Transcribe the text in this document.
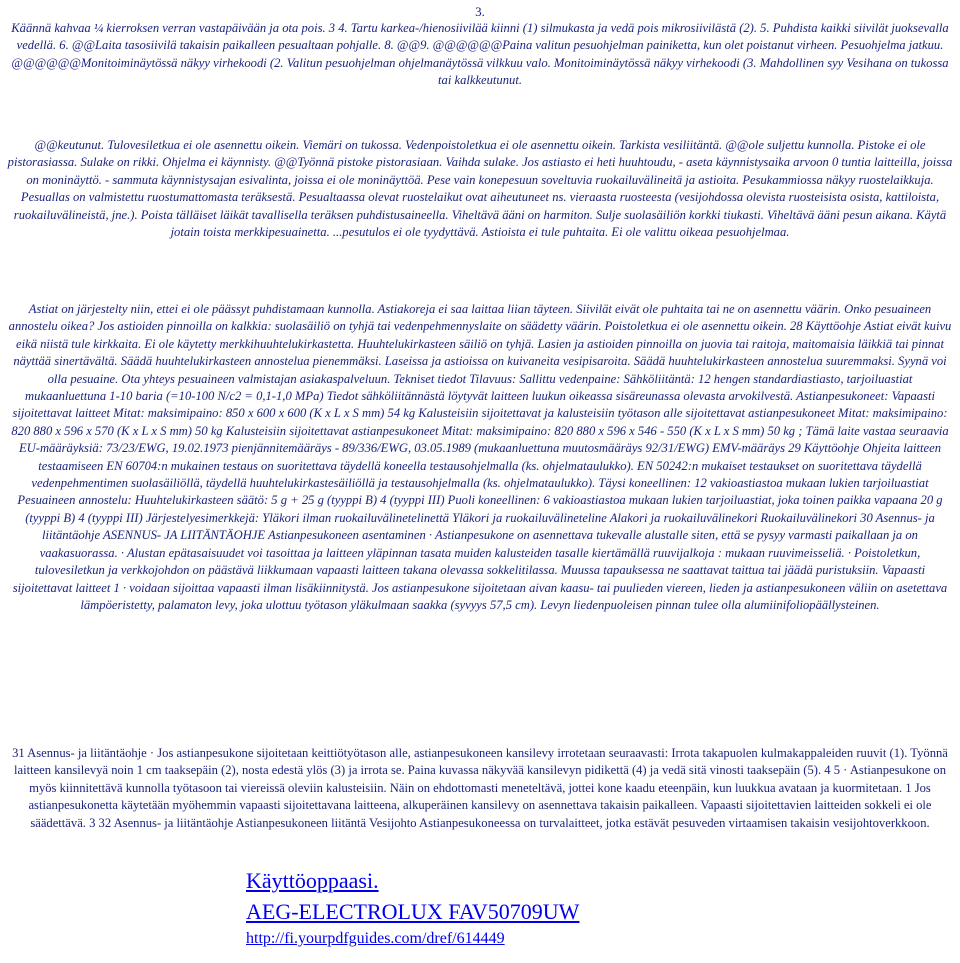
3.

Käännä kahvaa ¼ kierroksen verran vastapäivään ja ota pois. 3 4. Tartu karkea-/hienosiivilää kiinni (1) silmukasta ja vedä pois mikrosiivilästä (2). 5. Puhdista kaikki siivilät juoksevalla vedellä. 6. @@Laita tasosiivilä takaisin paikalleen pesualtaan pohjalle. 8. @@9. @@@@@@Paina valitun pesuohjelman painiketta, kun olet poistanut virheen. Pesuohjelma jatkuu. @@@@@@Monitoiminäytössä näkyy virhekoodi (2. Valitun pesuohjelman ohjelmanäytössä vilkkuu valo. Monitoiminäytössä näkyy virhekoodi (3. Mahdollinen syy Vesihana on tukossa tai kalkkeutunut.

@@keutunut. Tulovesiletkua ei ole asennettu oikein. Viemäri on tukossa. Vedenpoistoletkua ei ole asennettu oikein. Tarkista vesiliitäntä. @@ole suljettu kunnolla. Pistoke ei ole pistorasiassa. Sulake on rikki. Ohjelma ei käynnisty. @@Työnnä pistoke pistorasiaan. Vaihda sulake. Jos astiasto ei heti huuhtoudu, - aseta käynnistysaika arvoon 0 tuntia laitteilla, joissa on moninäyttö. - sammuta käynnistysajan esivalinta, joissa ei ole moninäyttöä. Pese vain konepesuun soveltuvia ruokailuvälineitä ja astioita. Pesukammiossa näkyy ruostelaikkuja. Pesuallas on valmistettu ruostumattomasta teräksestä. Pesualtaassa olevat ruostelaikut ovat aiheutuneet ns. vieraasta ruosteesta (vesijohdossa olevista ruosteisista osista, kattiloista, ruokailuvälineistä, jne.). Poista tälläiset läikät tavallisella teräksen puhdistusaineella. Viheltävä ääni on harmiton. Sulje suolasäiliön korkki tiukasti. Viheltävä ääni pesun aikana. Käytä jotain toista merkkipesuainetta. ...pesutulos ei ole tyydyttävä. Astioista ei tule puhtaita. Ei ole valittu oikeaa pesuohjelmaa.

Astiat on järjestelty niin, ettei ei ole päässyt puhdistamaan kunnolla. Astiakoreja ei saa laittaa liian täyteen. Siivilät eivät ole puhtaita tai ne on asennettu väärin. Onko pesuaineen annostelu oikea? Jos astioiden pinnoilla on kalkkia: suolasäiliö on tyhjä tai vedenpehmennyslaite on säädetty väärin. Poistoletkua ei ole asennettu oikein. 28 Käyttöohje Astiat eivät kuivu eikä niistä tule kirkkaita. Ei ole käytetty merkkihuuhtelukirkastetta. Huuhtelukirkasteen säiliö on tyhjä. Lasien ja astioiden pinnoilla on juovia tai raitoja, maitomaisia läikkiä tai pinnat näyttää sinertävältä. Säädä huuhtelukirkasteen annostelua pienemmäksi. Laseissa ja astioissa on kuivaneita vesipisaroita. Säädä huuhtelukirkasteen annostelua suuremmaksi. Syynä voi olla pesuaine. Ota yhteys pesuaineen valmistajan asiakaspalveluun. Tekniset tiedot Tilavuus: Sallittu vedenpaine: Sähköliitäntä: 12 hengen standardiastiasto, tarjoiluastiat mukaanluettuna 1-10 baria (=10-100 N/c2 = 0,1-1,0 MPa) Tiedot sähköliitännästä löytyvät laitteen luukun oikeassa sisäreunassa olevasta arvokilvestä. Astianpesukoneet: Vapaasti sijoitettavat laitteet Mitat: maksimipaino: 850 x 600 x 600 (K x L x S mm) 54 kg Kalusteisiin sijoitettavat ja kalusteisiin työtason alle sijoitettavat astianpesukoneet Mitat: maksimipaino: 820 880 x 596 x 570 (K x L x S mm) 50 kg Kalusteisiin sijoitettavat astianpesukoneet Mitat: maksimipaino: 820 880 x 596 x 546 - 550 (K x L x S mm) 50 kg ; Tämä laite vastaa seuraavia EU-määräyksiä: 73/23/EWG, 19.02.1973 pienjännitemääräys - 89/336/EWG, 03.05.1989 (mukaanluettuna muutosmääräys 92/31/EWG) EMV-määräys 29 Käyttöohje Ohjeita laitteen testaamiseen EN 60704:n mukainen testaus on suoritettava täydellä koneella testausohjelmalla (ks. ohjelmataulukko). EN 50242:n mukaiset testaukset on suoritettava täydellä vedenpehmentimen suolasäiliöllä, täydellä huuhtelukirkastesäiliöllä ja testausohjelmalla (ks. ohjelmataulukko). Täysi koneellinen: 12 vakioastiastoa mukaan lukien tarjoiluastiat Pesuaineen annostelu: Huuhtelukirkasteen säätö: 5 g + 25 g (tyyppi B) 4 (tyyppi III) Puoli koneellinen: 6 vakioastiastoa mukaan lukien tarjoiluastiat, joka toinen paikka vapaana 20 g (tyyppi B) 4 (tyyppi III) Järjestelyesimerkkejä: Yläkori ilman ruokailuvälinetelinettä Yläkori ja ruokailuvälineteline Alakori ja ruokailuvälinekori Ruokailuvälinekori 30 Asennus- ja liitäntäohje ASENNUS- JA LIITÄNTÄOHJE Astianpesukoneen asentaminen · Astianpesukone on asennettava tukevalle alustalle siten, että se pysyy varmasti paikallaan ja on vaakasuorassa. · Alustan epätasaisuudet voi tasoittaa ja laitteen yläpinnan tasata muiden kalusteiden tasalle kiertämällä ruuvijalkoja : mukaan ruuvimeisseliä. · Poistoletkun, tulovesiletkun ja verkkojohdon on päästävä liikkumaan vapaasti laitteen takana olevassa sokkelitilassa. Muussa tapauksessa ne saattavat taittua tai jäädä puristuksiin. Vapaasti sijoitettavat laitteet 1 · voidaan sijoittaa vapaasti ilman lisäkiinnitystä. Jos astianpesukone sijoitetaan aivan kaasu- tai puulieden viereen, lieden ja astianpesukoneen väliin on asetettava lämpöeristetty, palamaton levy, joka ulottuu työtason yläkulmaan saakka (syvyys 57,5 cm). Levyn liedenpuoleisen pinnan tulee olla alumiinifoliopäällysteinen.

31 Asennus- ja liitäntäohje · Jos astianpesukone sijoitetaan keittiötyötason alle, astianpesukoneen kansilevy irrotetaan seuraavasti: Irrota takapuolen kulmakappaleiden ruuvit (1). Työnnä laitteen kansilevyä noin 1 cm taaksepäin (2), nosta edestä ylös (3) ja irrota se. Paina kuvassa näkyvää kansilevyn pidikettä (4) ja vedä sitä vinosti taaksepäin (5). 4 5 · Astianpesukone on myös kiinnitettävä kunnolla työtasoon tai viereissä oleviin kalusteisiin. Näin on ehdottomasti meneteltävä, jottei kone kaadu eteenpäin, kun luukkua avataan ja kuormitetaan. 1 Jos astianpesukonetta käytetään myöhemmin vapaasti sijoitettavana laitteena, alkuperäinen kansilevy on asennettava takaisin paikalleen. Vapaasti sijoitettavien laitteiden sokkeli ei ole säädettävä. 3 32 Asennus- ja liitäntäohje Astianpesukoneen liitäntä Vesijohto Astianpesukoneessa on turvalaitteet, jotka estävät pesuveden virtaamisen takaisin vesijohtoverkkoon.

Käyttöoppaasi.
AEG-ELECTROLUX FAV50709UW
http://fi.yourpdfguides.com/dref/614449
